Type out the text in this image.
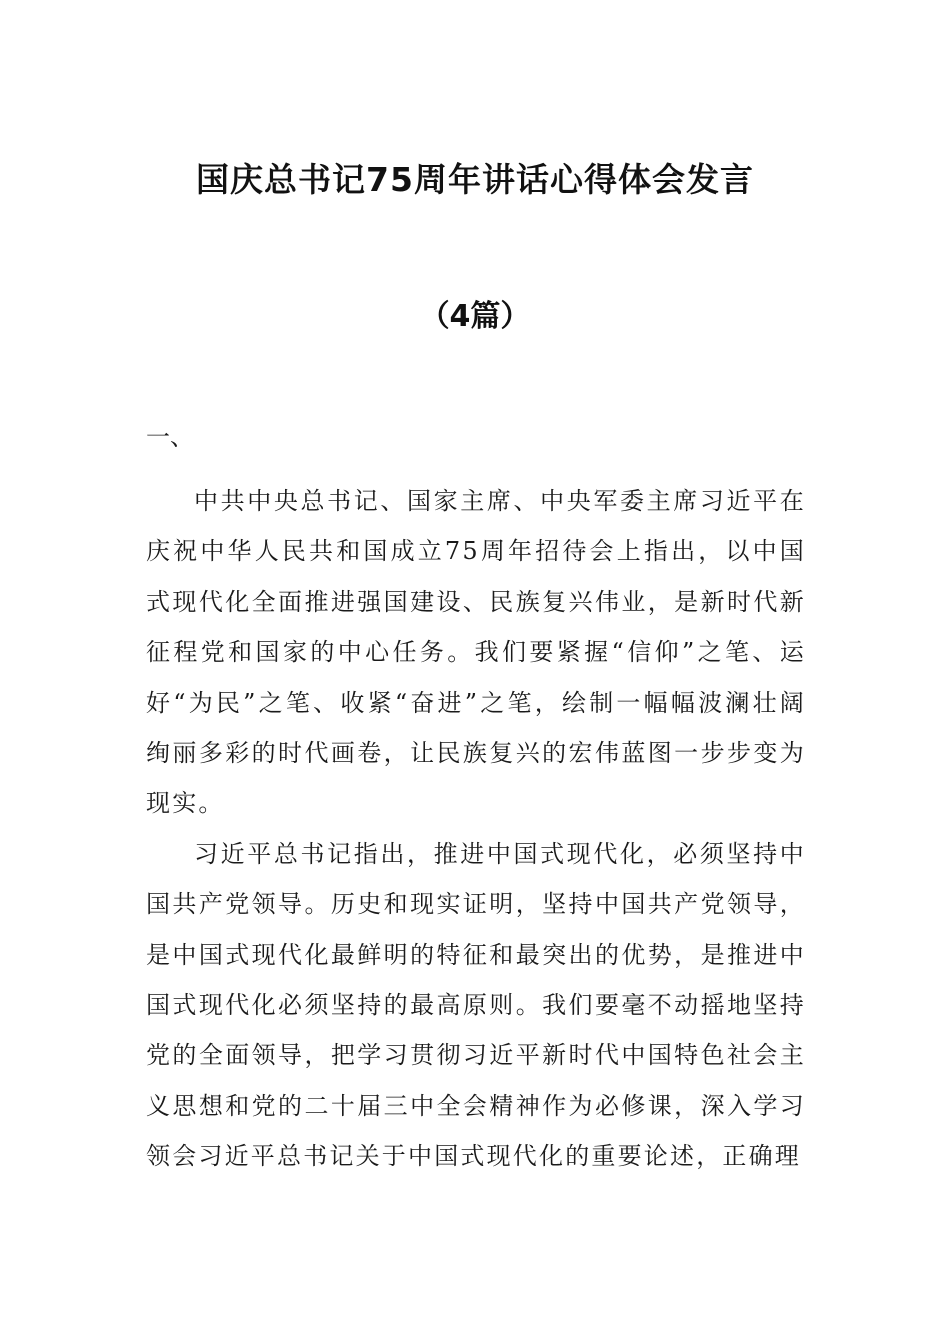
国庆总书记75周年讲话心得体会发言
（4篇）
一、

中共中央总书记、国家主席、中央军委主席习近平在庆祝中华人民共和国成立75周年招待会上指出，以中国式现代化全面推进强国建设、民族复兴伟业，是新时代新征程党和国家的中心任务。我们要紧握“信仰”之笔、运好“为民”之笔、收紧“奋进”之笔，绘制一幅幅波澜壮阔绚丽多彩的时代画卷，让民族复兴的宏伟蓝图一步步变为现实。

习近平总书记指出，推进中国式现代化，必须坚持中国共产党领导。历史和现实证明，坚持中国共产党领导，是中国式现代化最鲜明的特征和最突出的优势，是推进中国式现代化必须坚持的最高原则。我们要毫不动摇地坚持党的全面领导，把学习贯彻习近平新时代中国特色社会主义思想和党的二十届三中全会精神作为必修课，深入学习领会习近平总书记关于中国式现代化的重要论述，正确理
